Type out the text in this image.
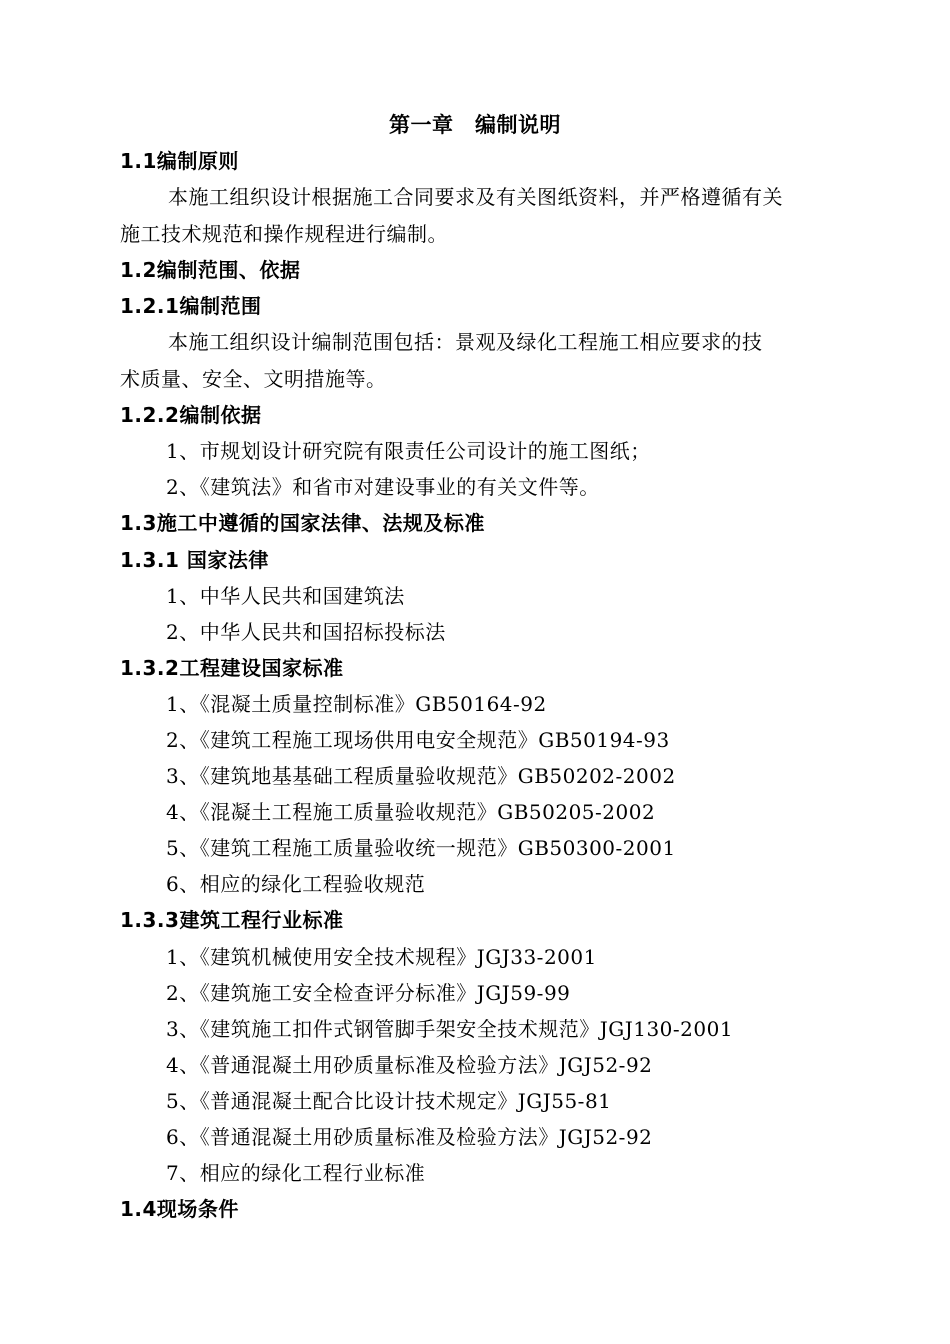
第一章　编制说明
1.1编制原则
本施工组织设计根据施工合同要求及有关图纸资料，并严格遵循有关
施工技术规范和操作规程进行编制。
1.2编制范围、依据
1.2.1编制范围
本施工组织设计编制范围包括：景观及绿化工程施工相应要求的技
术质量、安全、文明措施等。
1.2.2编制依据
1、市规划设计研究院有限责任公司设计的施工图纸；
2、《建筑法》和省市对建设事业的有关文件等。
1.3施工中遵循的国家法律、法规及标准
1.3.1 国家法律
1、中华人民共和国建筑法
2、中华人民共和国招标投标法
1.3.2工程建设国家标准
1、《混凝土质量控制标准》GB50164-92
2、《建筑工程施工现场供用电安全规范》GB50194-93
3、《建筑地基基础工程质量验收规范》GB50202-2002
4、《混凝土工程施工质量验收规范》GB50205-2002
5、《建筑工程施工质量验收统一规范》GB50300-2001
6、相应的绿化工程验收规范
1.3.3建筑工程行业标准
1、《建筑机械使用安全技术规程》JGJ33-2001
2、《建筑施工安全检查评分标准》JGJ59-99
3、《建筑施工扣件式钢管脚手架安全技术规范》JGJ130-2001
4、《普通混凝土用砂质量标准及检验方法》JGJ52-92
5、《普通混凝土配合比设计技术规定》JGJ55-81
6、《普通混凝土用砂质量标准及检验方法》JGJ52-92
7、相应的绿化工程行业标准
1.4现场条件
